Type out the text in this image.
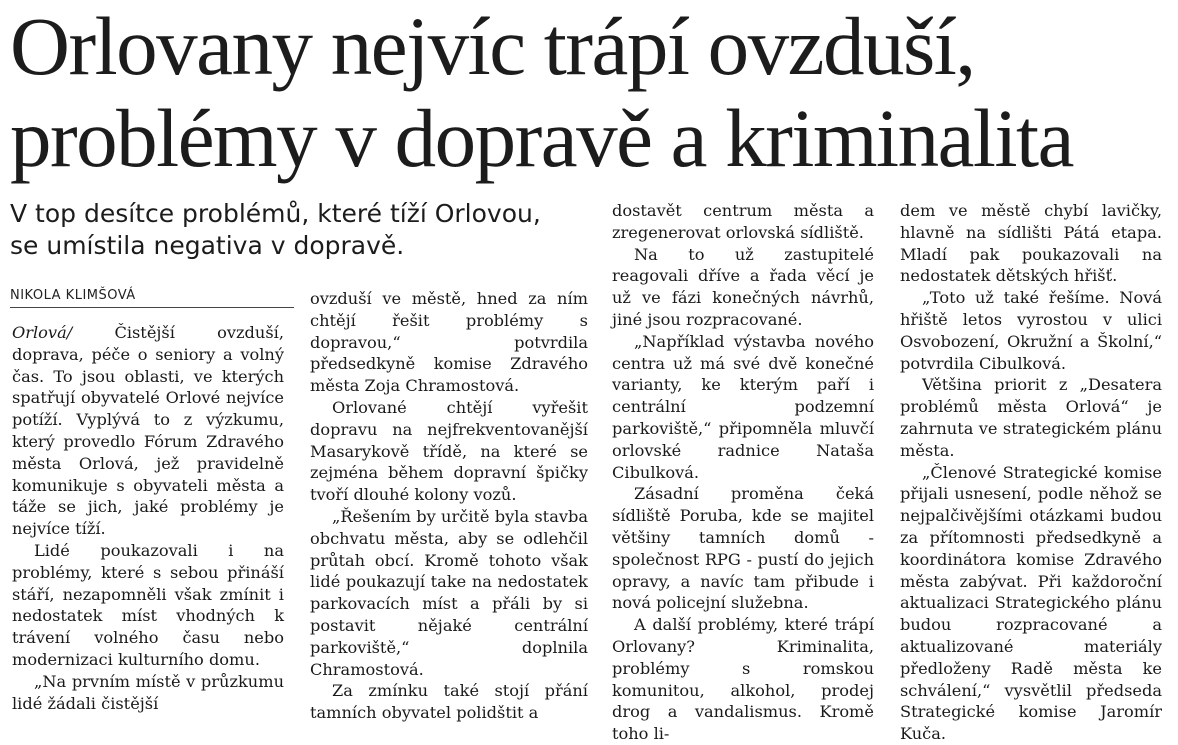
Orlovany nejvíc trápí ovzduší,
problémy v dopravě a kriminalita
V top desítce problémů, které tíží Orlovou,
se umístila negativa v dopravě.
NIKOLA KLIMŠOVÁ

Orlová/	Čistější ovzduší, doprava, péče o seniory a volný čas. To jsou oblasti, ve kterých spatřují obyvatelé Orlové nejvíce potíží. Vyplývá to z výzkumu, který provedlo Fórum Zdravého města Orlová, jež pravidelně komunikuje s obyvateli města a táže se jich, jaké problémy je nejvíce tíží.

Lidé poukazovali i na problémy, které s sebou přináší stáří, nezapomněli však zmínit i nedostatek míst vhodných k trávení volného času nebo modernizaci kulturního domu.

„Na prvním místě v průzkumu lidé žádali čistější

ovzduší ve městě, hned za ním chtějí řešit problémy s dopravou,“ potvrdila předsedkyně komise Zdravého města Zoja Chramostová.

Orlované chtějí vyřešit dopravu na nejfrekventovanější Masarykově třídě, na které se zejména během dopravní špičky tvoří dlouhé kolony vozů.

„Řešením by určitě byla stavba obchvatu města, aby se odlehčil průtah obcí. Kromě tohoto však lidé poukazují take na nedostatek parkovacích míst a přáli by si postavit nějaké centrální parkoviště,“ doplnila Chramostová.

Za zmínku také stojí přání tamních obyvatel polidštit a

dostavět centrum města a zregenerovat orlovská sídliště.

Na to už zastupitelé reagovali dříve a řada věcí je už ve fázi konečných návrhů, jiné jsou rozpracované.

„Například výstavba nového centra už má své dvě konečné varianty, ke kterým paří i centrální podzemní parkoviště,“ připomněla mluvčí orlovské radnice Nataša Cibulková.

Zásadní proměna čeká sídliště Poruba, kde se majitel většiny tamních domů - společnost RPG - pustí do jejich opravy, a navíc tam přibude i nová policejní služebna.

A další problémy, které trápí Orlovany? Kriminalita, problémy s romskou komunitou, alkohol, prodej drog a vandalismus. Kromě toho li-

dem ve městě chybí lavičky, hlavně na sídlišti Pátá etapa. Mladí pak poukazovali na nedostatek dětských hřišť.

„Toto už také řešíme. Nová hřiště letos vyrostou v ulici Osvobození, Okružní a Školní,“ potvrdila Cibulková.

Většina priorit z „Desatera problémů města Orlová“ je zahrnuta ve strategickém plánu města.

„Členové Strategické komise přijali usnesení, podle něhož se nejpalčivějšími otázkami budou za přítomnosti předsedkyně a koordinátora komise Zdravého města zabývat. Při každoroční aktualizaci Strategického plánu budou rozpracované a aktualizované materiály předloženy Radě města ke schválení,“ vysvětlil předseda Strategické komise Jaromír Kuča.
